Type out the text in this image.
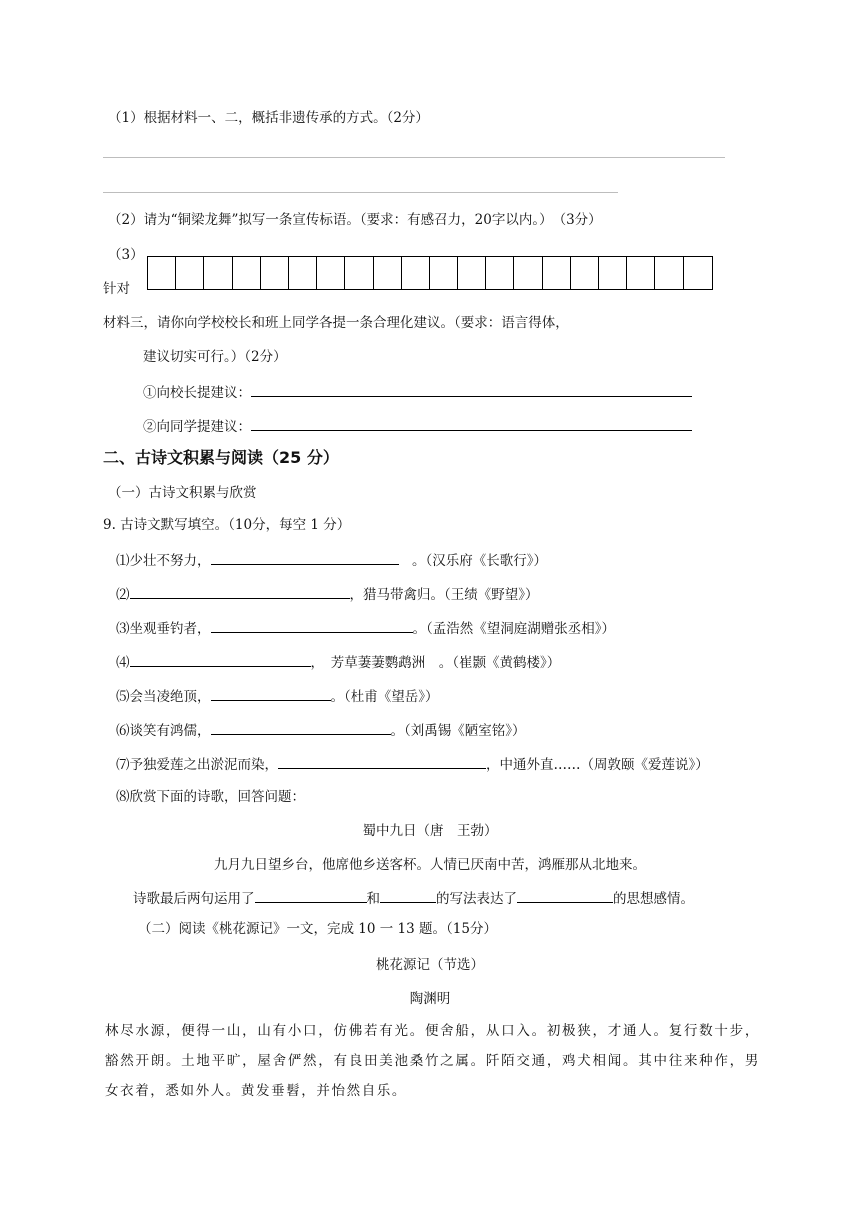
（1）根据材料一、二，概括非遗传承的方式。（2分）
（2）请为“铜梁龙舞”拟写一条宣传标语。（要求：有感召力，20字以内。）　（3分）
（3）
针对
材料三，请你向学校校长和班上同学各提一条合理化建议。（要求：语言得体，
建议切实可行。）（2分）
①向校长提建议：
②向同学提建议：
二、古诗文积累与阅读（25 分）
（一）古诗文积累与欣赏
9. 古诗文默写填空。（10分，每空 1 分）
⑴少壮不努力，	　。（汉乐府《长歌行》）
⑵	，猎马带禽归。（王绩《野望》）
⑶坐观垂钓者，	。（孟浩然《望洞庭湖赠张丞相》）
⑷	，　芳草萋萋鹦鹉洲　。（崔颢《黄鹤楼》）
⑸会当凌绝顶，	。（杜甫《望岳》）
⑹谈笑有鸿儒，	。（刘禹锡《陋室铭》）
⑺予独爱莲之出淤泥而染，	，中通外直……（周敦颐《爱莲说》）
⑻欣赏下面的诗歌，回答问题：
蜀中九日（唐　王勃）
九月九日望乡台，他席他乡送客杯。人情已厌南中苦，鸿雁那从北地来。
诗歌最后两句运用了	和	的写法表达了	的思想感情。
（二）阅读《桃花源记》一文，完成 10 一 13 题。（15分）
桃花源记（节选）
陶渊明
林尽水源，便得一山，山有小口，仿佛若有光。便舍船，从口入。初极狭，才通人。复行数十步，豁然开朗。土地平旷，屋舍俨然，有良田美池桑竹之属。阡陌交通，鸡犬相闻。其中往来种作，男女衣着，悉如外人。黄发垂髫，并怡然自乐。
